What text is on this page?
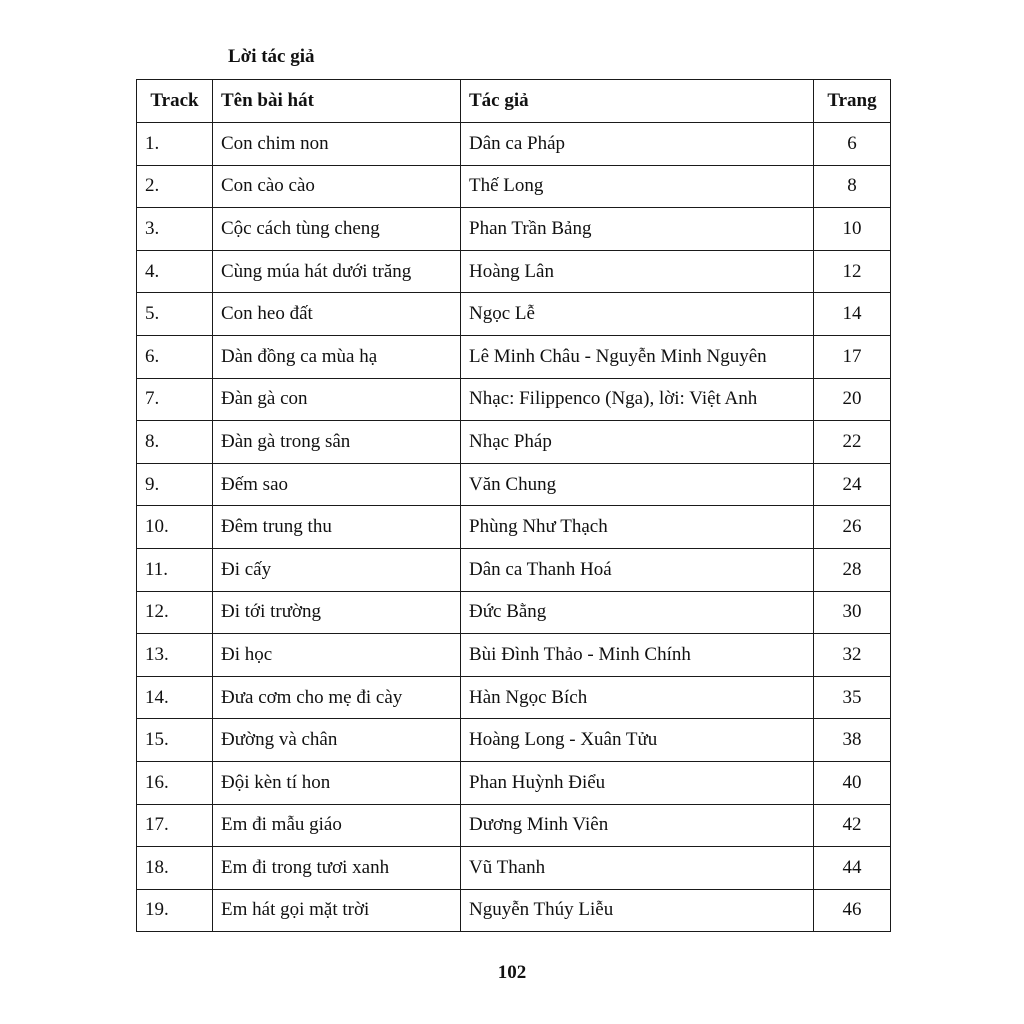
Lời tác giả

Track	Tên bài hát	Tác giả	Trang
1.	Con chim non	Dân ca Pháp	6
2.	Con cào cào	Thế Long	8
3.	Cộc cách tùng cheng	Phan Trần Bảng	10
4.	Cùng múa hát dưới trăng	Hoàng Lân	12
5.	Con heo đất	Ngọc Lễ	14
6.	Dàn đồng ca mùa hạ	Lê Minh Châu - Nguyễn Minh Nguyên	17
7.	Đàn gà con	Nhạc: Filippenco (Nga), lời: Việt Anh	20
8.	Đàn gà trong sân	Nhạc Pháp	22
9.	Đếm sao	Văn Chung	24
10.	Đêm trung thu	Phùng Như Thạch	26
11.	Đi cấy	Dân ca Thanh Hoá	28
12.	Đi tới trường	Đức Bằng	30
13.	Đi học	Bùi Đình Thảo - Minh Chính	32
14.	Đưa cơm cho mẹ đi cày	Hàn Ngọc Bích	35
15.	Đường và chân	Hoàng Long - Xuân Tửu	38
16.	Đội kèn tí hon	Phan Huỳnh Điểu	40
17.	Em đi mẫu giáo	Dương Minh Viên	42
18.	Em đi trong tươi xanh	Vũ Thanh	44
19.	Em hát gọi mặt trời	Nguyễn Thúy Liễu	46
102
